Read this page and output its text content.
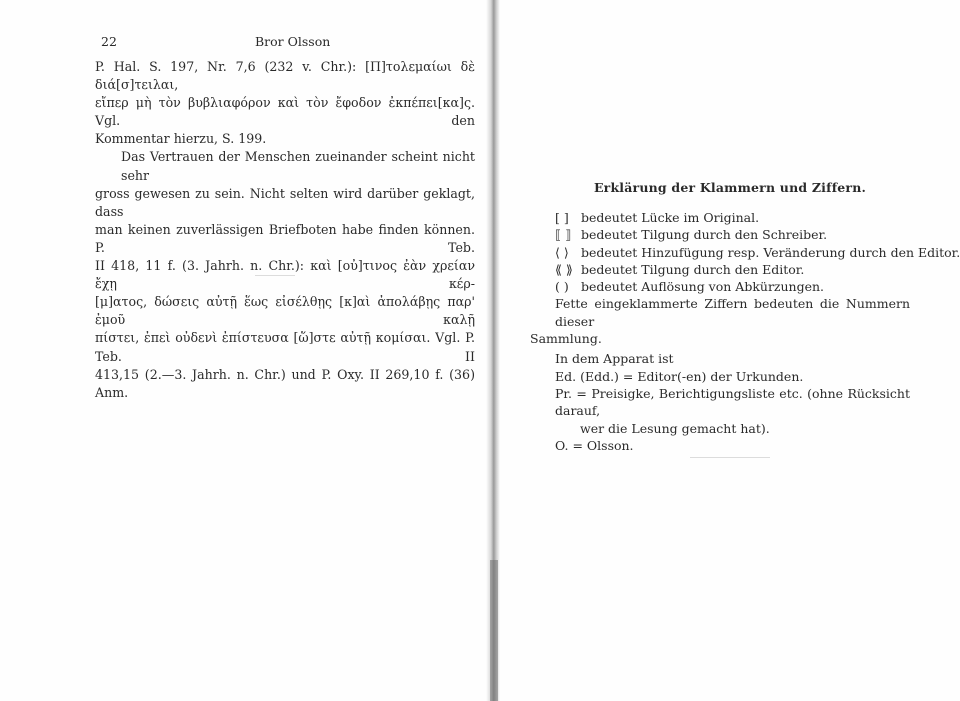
22	Bror Olsson
P. Hal. S. 197, Nr. 7,6 (232 v. Chr.): [Π]τολεμαίωι δὲ διά[σ]τειλαι,
εἴπερ μὴ τὸν βυβλιαφόρον καὶ τὸν ἔφοδον ἐκπέπει[κα]ς. Vgl. den
Kommentar hierzu, S. 199.
Das Vertrauen der Menschen zueinander scheint nicht sehr
gross gewesen zu sein. Nicht selten wird darüber geklagt, dass
man keinen zuverlässigen Briefboten habe finden können. P. Teb.
II 418, 11 f. (3. Jahrh. n. Chr.): καὶ [οὐ]τινος ἐὰν χρείαν ἔχῃ κέρ-
[μ]ατος, δώσεις αὐτῇ ἕως εἰσέλθῃς [κ]αὶ ἀπολάβῃς παρ' ἐμοῦ καλῇ
πίστει, ἐπεὶ οὐδενὶ ἐπίστευσα [ὥ]στε αὐτῇ κομίσαι. Vgl. P. Teb. II
413,15 (2.—3. Jahrh. n. Chr.) und P. Oxy. II 269,10 f. (36) Anm.
Erklärung der Klammern und Ziffern.
[ ] bedeutet Lücke im Original.
⟦ ⟧ bedeutet Tilgung durch den Schreiber.
⟨ ⟩ bedeutet Hinzufügung resp. Veränderung durch den Editor.
⟪ ⟫ bedeutet Tilgung durch den Editor.
( ) bedeutet Auflösung von Abkürzungen.
Fette eingeklammerte Ziffern bedeuten die Nummern dieser
Sammlung.
In dem Apparat ist
Ed. (Edd.) = Editor(-en) der Urkunden.
Pr. = Preisigke, Berichtigungsliste etc. (ohne Rücksicht darauf,
wer die Lesung gemacht hat).
O. = Olsson.
